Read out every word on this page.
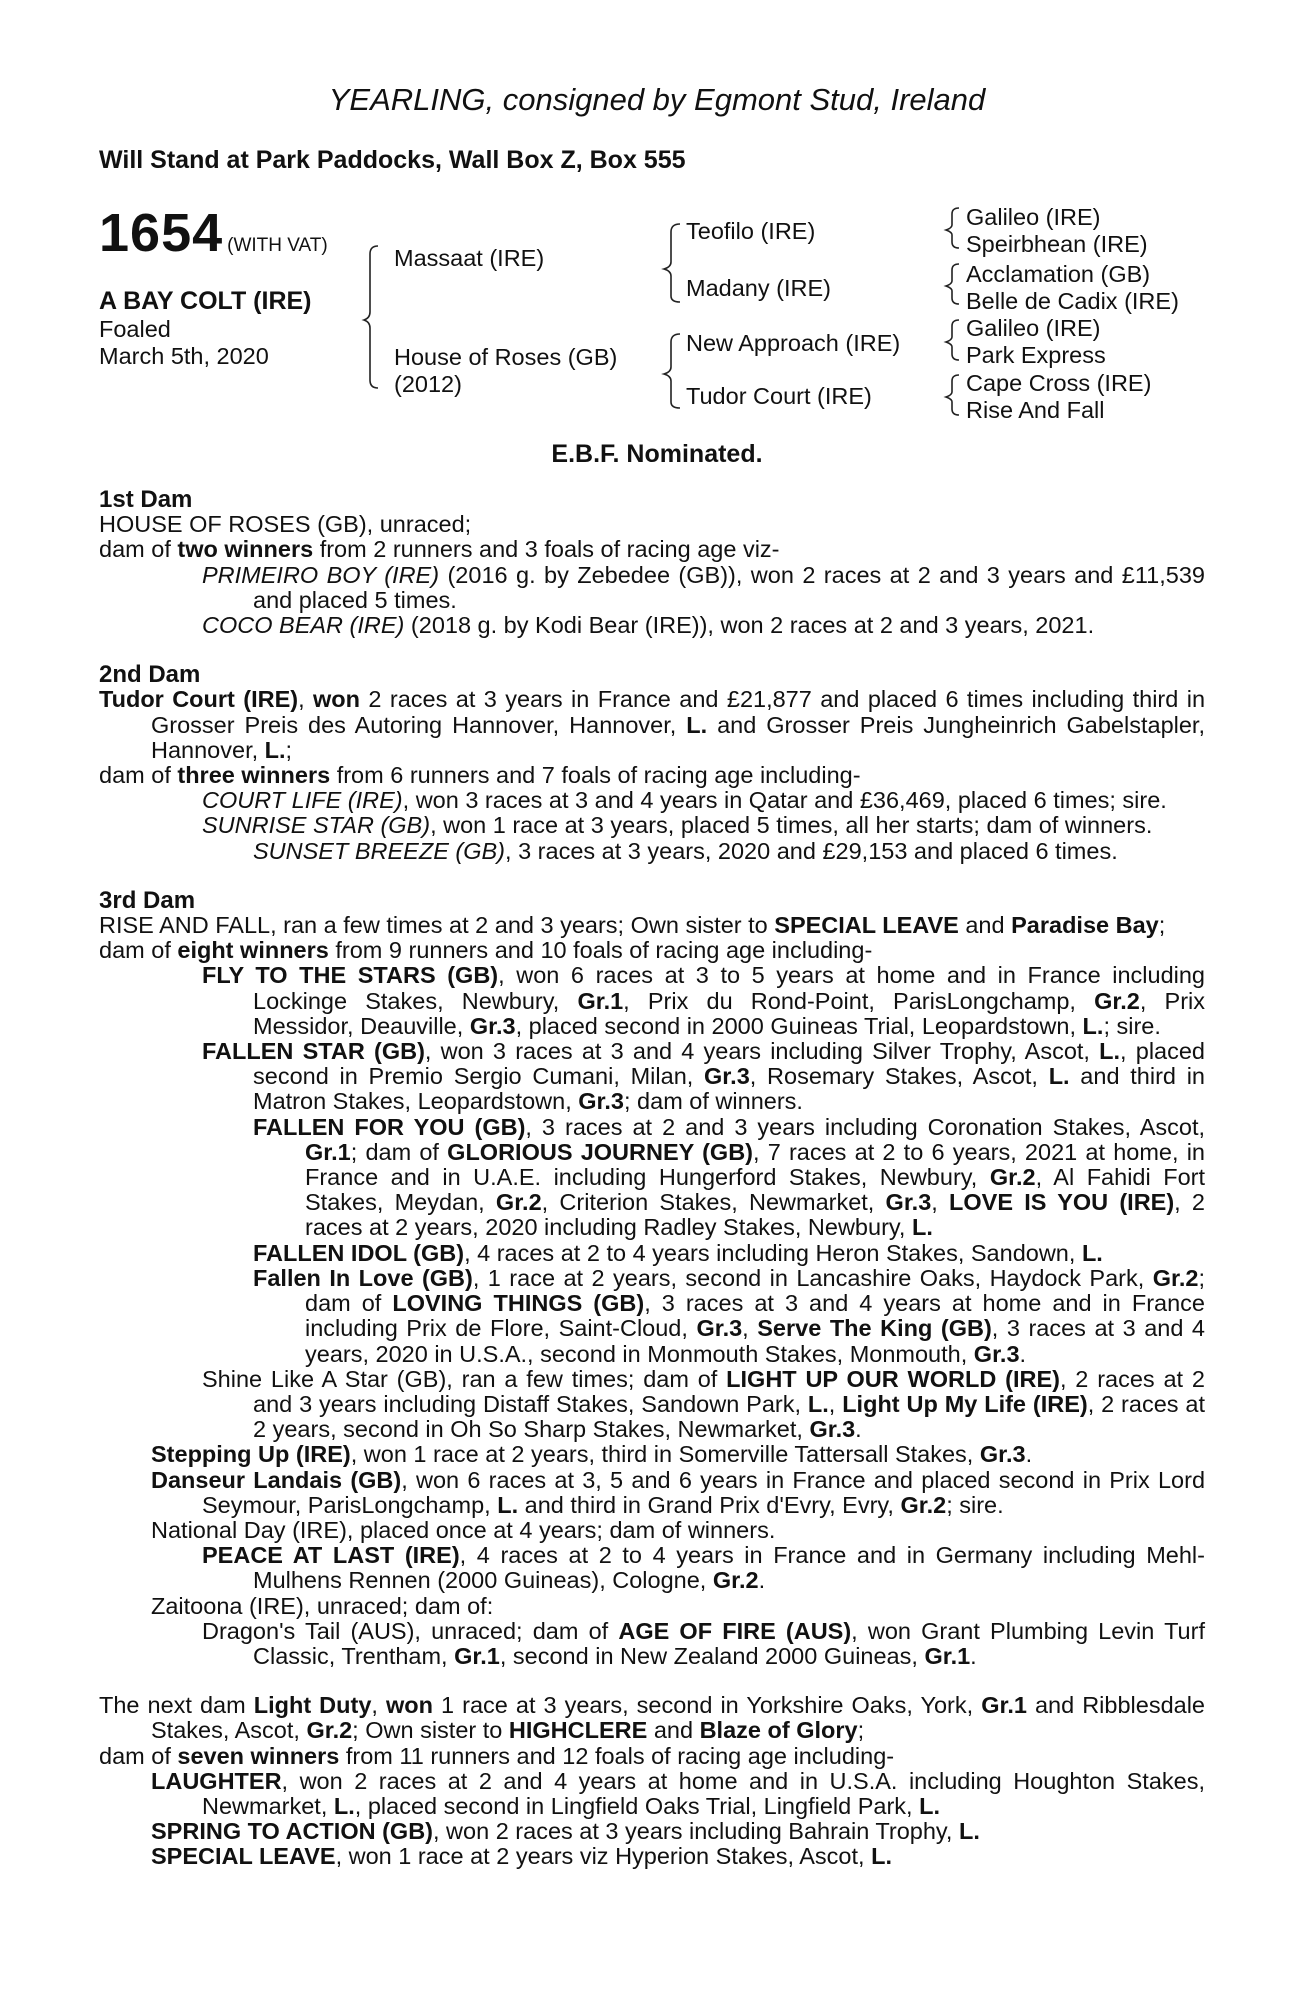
YEARLING, consigned by Egmont Stud, Ireland
Will Stand at Park Paddocks, Wall Box Z, Box 555
1654 (WITH VAT)
A BAY COLT (IRE)
Foaled
March 5th, 2020
Massaat (IRE)
House of Roses (GB)
(2012)
Teofilo (IRE)
Madany (IRE)
New Approach (IRE)
Tudor Court (IRE)
Galileo (IRE)
Speirbhean (IRE)
Acclamation (GB)
Belle de Cadix (IRE)
Galileo (IRE)
Park Express
Cape Cross (IRE)
Rise And Fall
E.B.F. Nominated.

1st Dam

HOUSE OF ROSES (GB), unraced;

dam of two winners from 2 runners and 3 foals of racing age viz-

PRIMEIRO BOY (IRE) (2016 g. by Zebedee (GB)), won 2 races at 2 and 3 years and £11,539 and placed 5 times.

COCO BEAR (IRE) (2018 g. by Kodi Bear (IRE)), won 2 races at 2 and 3 years, 2021.

2nd Dam

Tudor Court (IRE), won 2 races at 3 years in France and £21,877 and placed 6 times including third in Grosser Preis des Autoring Hannover, Hannover, L. and Grosser Preis Jungheinrich Gabelstapler, Hannover, L.;

dam of three winners from 6 runners and 7 foals of racing age including-

COURT LIFE (IRE), won 3 races at 3 and 4 years in Qatar and £36,469, placed 6 times; sire.

SUNRISE STAR (GB), won 1 race at 3 years, placed 5 times, all her starts; dam of winners.

SUNSET BREEZE (GB), 3 races at 3 years, 2020 and £29,153 and placed 6 times.

3rd Dam

RISE AND FALL, ran a few times at 2 and 3 years; Own sister to SPECIAL LEAVE and Paradise Bay;

dam of eight winners from 9 runners and 10 foals of racing age including-

FLY TO THE STARS (GB), won 6 races at 3 to 5 years at home and in France including Lockinge Stakes, Newbury, Gr.1, Prix du Rond-Point, ParisLongchamp, Gr.2, Prix Messidor, Deauville, Gr.3, placed second in 2000 Guineas Trial, Leopardstown, L.; sire.

FALLEN STAR (GB), won 3 races at 3 and 4 years including Silver Trophy, Ascot, L., placed second in Premio Sergio Cumani, Milan, Gr.3, Rosemary Stakes, Ascot, L. and third in Matron Stakes, Leopardstown, Gr.3; dam of winners.

FALLEN FOR YOU (GB), 3 races at 2 and 3 years including Coronation Stakes, Ascot, Gr.1; dam of GLORIOUS JOURNEY (GB), 7 races at 2 to 6 years, 2021 at home, in France and in U.A.E. including Hungerford Stakes, Newbury, Gr.2, Al Fahidi Fort Stakes, Meydan, Gr.2, Criterion Stakes, Newmarket, Gr.3, LOVE IS YOU (IRE), 2 races at 2 years, 2020 including Radley Stakes, Newbury, L.

FALLEN IDOL (GB), 4 races at 2 to 4 years including Heron Stakes, Sandown, L.

Fallen In Love (GB), 1 race at 2 years, second in Lancashire Oaks, Haydock Park, Gr.2; dam of LOVING THINGS (GB), 3 races at 3 and 4 years at home and in France including Prix de Flore, Saint-Cloud, Gr.3, Serve The King (GB), 3 races at 3 and 4 years, 2020 in U.S.A., second in Monmouth Stakes, Monmouth, Gr.3.

Shine Like A Star (GB), ran a few times; dam of LIGHT UP OUR WORLD (IRE), 2 races at 2 and 3 years including Distaff Stakes, Sandown Park, L., Light Up My Life (IRE), 2 races at 2 years, second in Oh So Sharp Stakes, Newmarket, Gr.3.

Stepping Up (IRE), won 1 race at 2 years, third in Somerville Tattersall Stakes, Gr.3.

Danseur Landais (GB), won 6 races at 3, 5 and 6 years in France and placed second in Prix Lord Seymour, ParisLongchamp, L. and third in Grand Prix d'Evry, Evry, Gr.2; sire.

National Day (IRE), placed once at 4 years; dam of winners.

PEACE AT LAST (IRE), 4 races at 2 to 4 years in France and in Germany including Mehl-Mulhens Rennen (2000 Guineas), Cologne, Gr.2.

Zaitoona (IRE), unraced; dam of:

Dragon's Tail (AUS), unraced; dam of AGE OF FIRE (AUS), won Grant Plumbing Levin Turf Classic, Trentham, Gr.1, second in New Zealand 2000 Guineas, Gr.1.

The next dam Light Duty, won 1 race at 3 years, second in Yorkshire Oaks, York, Gr.1 and Ribblesdale Stakes, Ascot, Gr.2; Own sister to HIGHCLERE and Blaze of Glory;

dam of seven winners from 11 runners and 12 foals of racing age including-

LAUGHTER, won 2 races at 2 and 4 years at home and in U.S.A. including Houghton Stakes, Newmarket, L., placed second in Lingfield Oaks Trial, Lingfield Park, L.

SPRING TO ACTION (GB), won 2 races at 3 years including Bahrain Trophy, L.

SPECIAL LEAVE, won 1 race at 2 years viz Hyperion Stakes, Ascot, L.
